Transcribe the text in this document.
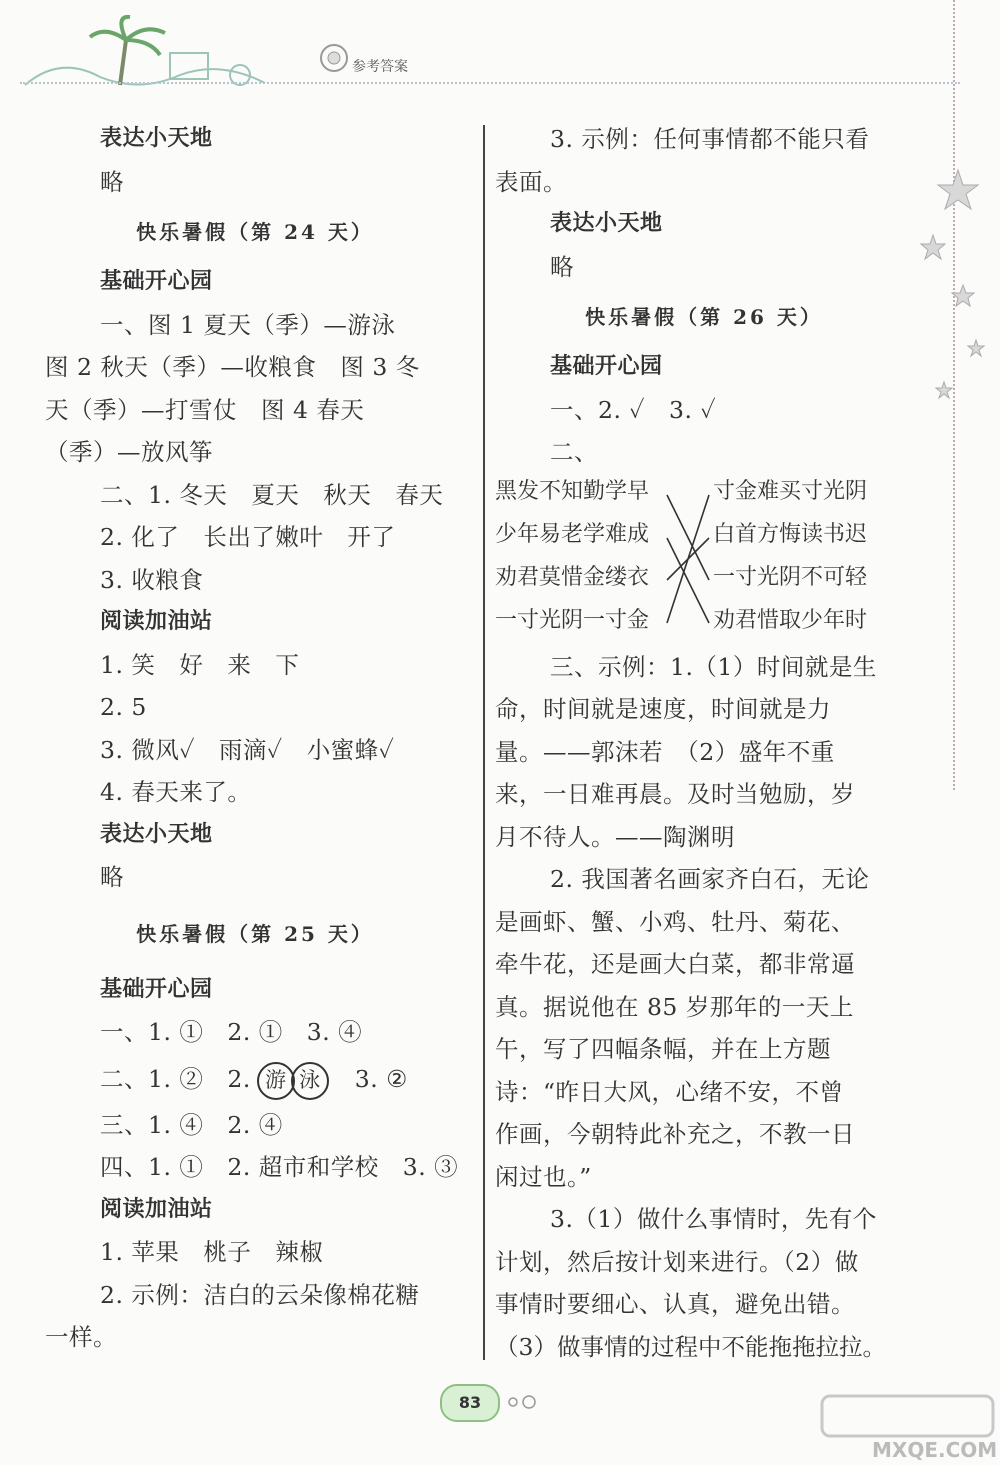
参考答案
表达小天地
略
快乐暑假（第 24 天）
基础开心园
一、图 1 夏天（季）—游泳
图 2 秋天（季）—收粮食　图 3 冬
天（季）—打雪仗　图 4 春天
（季）—放风筝
二、1. 冬天　夏天　秋天　春天
2. 化了　长出了嫩叶　开了
3. 收粮食
阅读加油站
1. 笑　好　来　下
2. 5
3. 微风✓　雨滴✓　小蜜蜂✓
4. 春天来了。
表达小天地
略
快乐暑假（第 25 天）
基础开心园
一、1. ①　2. ①　3. ④
二、1. ②　2. 游 泳 3. ②
三、1. ④　2. ④
四、1. ①　2. 超市和学校　3. ③
阅读加油站
1. 苹果　桃子　辣椒
2. 示例：洁白的云朵像棉花糖
一样。
3. 示例：任何事情都不能只看
表面。
表达小天地
略
快乐暑假（第 26 天）
基础开心园
一、2. ✓　3. ✓
二、
黑发不知勤学早
少年易老学难成
劝君莫惜金缕衣
一寸光阴一寸金
寸金难买寸光阴
白首方悔读书迟
一寸光阴不可轻
劝君惜取少年时
三、示例：1.（1）时间就是生
命，时间就是速度，时间就是力
量。——郭沫若　（2）盛年不重
来，一日难再晨。及时当勉励，岁
月不待人。——陶渊明
2. 我国著名画家齐白石，无论
是画虾、蟹、小鸡、牡丹、菊花、
牵牛花，还是画大白菜，都非常逼
真。据说他在 85 岁那年的一天上
午，写了四幅条幅，并在上方题
诗：“昨日大风，心绪不安，不曾
作画，今朝特此补充之，不教一日
闲过也。”
3.（1）做什么事情时，先有个
计划，然后按计划来进行。（2）做
事情时要细心、认真，避免出错。
（3）做事情的过程中不能拖拖拉拉。
83
MXQE.COM
